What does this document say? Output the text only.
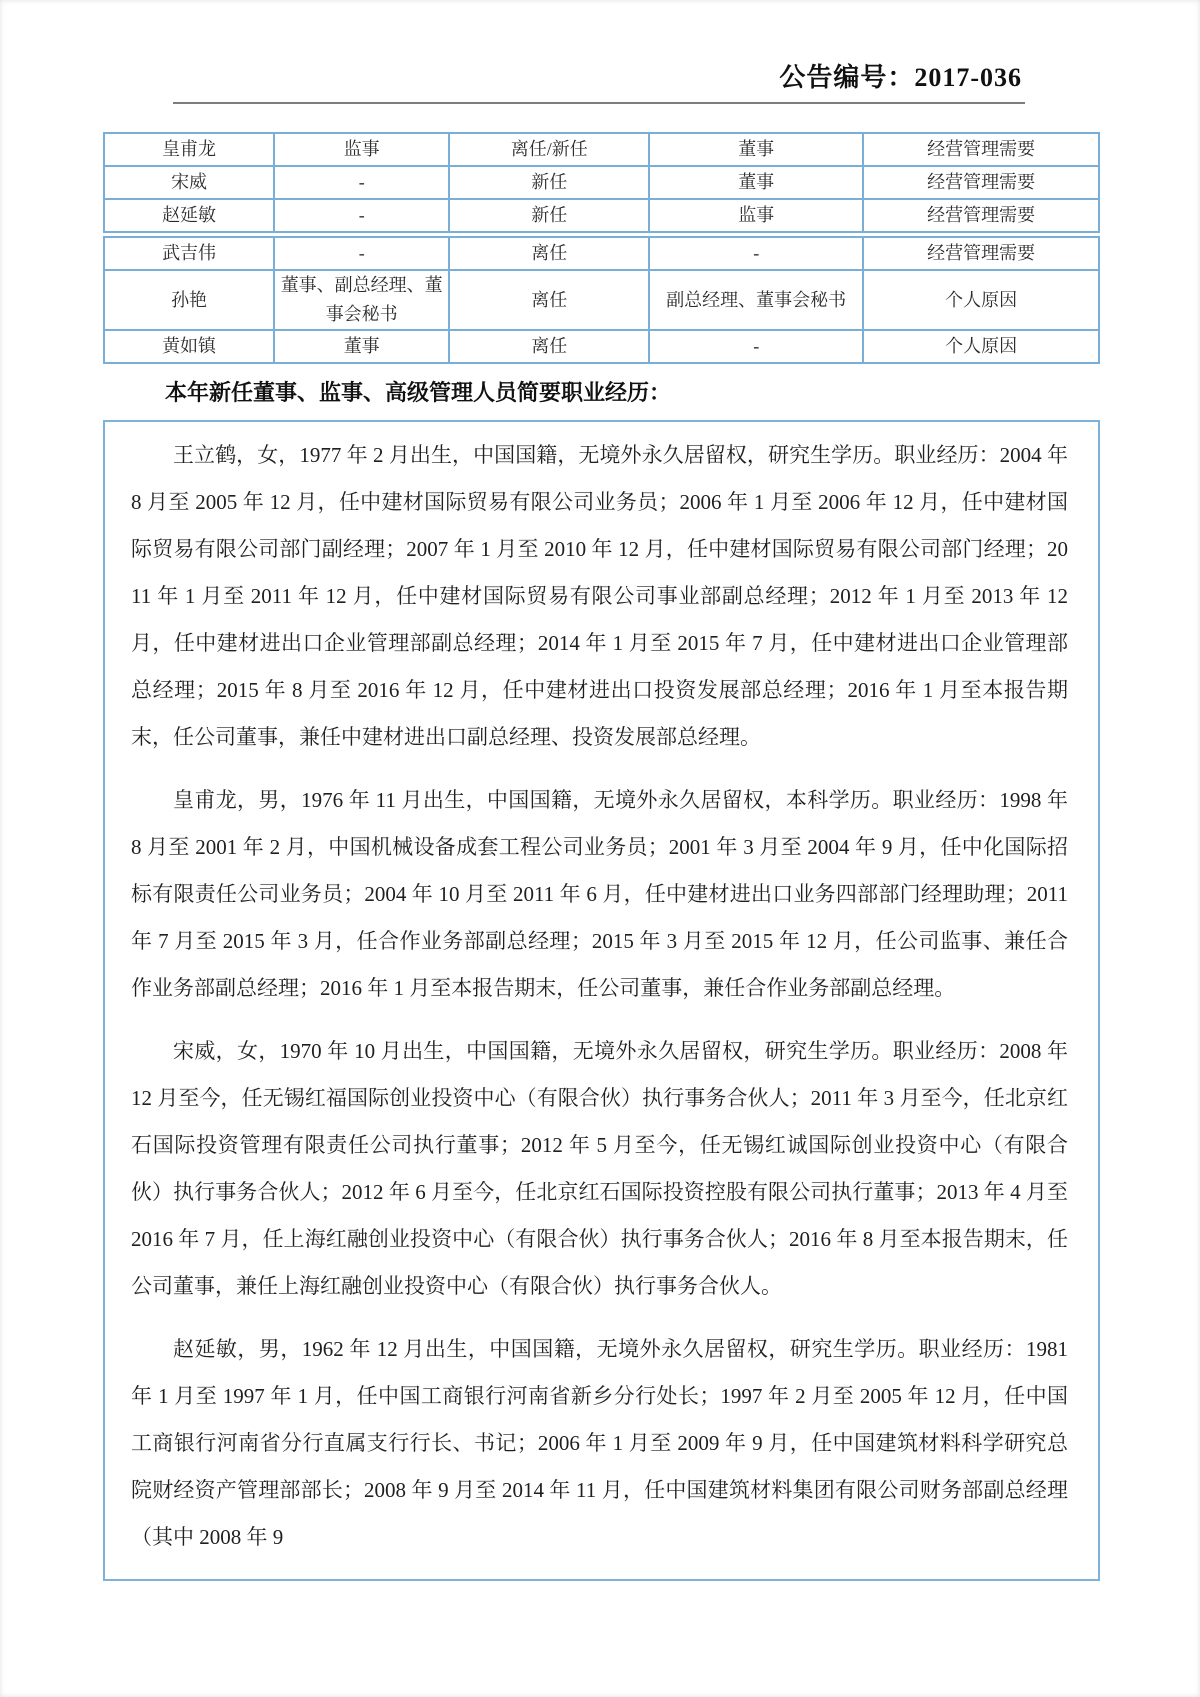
公告编号：2017-036
皇甫龙	监事	离任/新任	董事	经营管理需要
宋威	-	新任	董事	经营管理需要
赵延敏	-	新任	监事	经营管理需要
武吉伟	-	离任	-	经营管理需要
孙艳	董事、副总经理、董事会秘书	离任	副总经理、董事会秘书	个人原因
黄如镇	董事	离任	-	个人原因
本年新任董事、监事、高级管理人员简要职业经历：

王立鹤，女，1977 年 2 月出生，中国国籍，无境外永久居留权，研究生学历。职业经历：2004 年 8 月至 2005 年 12 月，任中建材国际贸易有限公司业务员；2006 年 1 月至 2006 年 12 月，任中建材国际贸易有限公司部门副经理；2007 年 1 月至 2010 年 12 月，任中建材国际贸易有限公司部门经理；2011 年 1 月至 2011 年 12 月，任中建材国际贸易有限公司事业部副总经理；2012 年 1 月至 2013 年 12 月，任中建材进出口企业管理部副总经理；2014 年 1 月至 2015 年 7 月，任中建材进出口企业管理部总经理；2015 年 8 月至 2016 年 12 月，任中建材进出口投资发展部总经理；2016 年 1 月至本报告期末，任公司董事，兼任中建材进出口副总经理、投资发展部总经理。

皇甫龙，男，1976 年 11 月出生，中国国籍，无境外永久居留权，本科学历。职业经历：1998 年 8 月至 2001 年 2 月，中国机械设备成套工程公司业务员；2001 年 3 月至 2004 年 9 月，任中化国际招标有限责任公司业务员；2004 年 10 月至 2011 年 6 月，任中建材进出口业务四部部门经理助理；2011 年 7 月至 2015 年 3 月，任合作业务部副总经理；2015 年 3 月至 2015 年 12 月，任公司监事、兼任合作业务部副总经理；2016 年 1 月至本报告期末，任公司董事，兼任合作业务部副总经理。

宋威，女，1970 年 10 月出生，中国国籍，无境外永久居留权，研究生学历。职业经历：2008 年 12 月至今，任无锡红福国际创业投资中心（有限合伙）执行事务合伙人；2011 年 3 月至今，任北京红石国际投资管理有限责任公司执行董事；2012 年 5 月至今，任无锡红诚国际创业投资中心（有限合伙）执行事务合伙人；2012 年 6 月至今，任北京红石国际投资控股有限公司执行董事；2013 年 4 月至 2016 年 7 月，任上海红融创业投资中心（有限合伙）执行事务合伙人；2016 年 8 月至本报告期末，任公司董事，兼任上海红融创业投资中心（有限合伙）执行事务合伙人。

赵延敏，男，1962 年 12 月出生，中国国籍，无境外永久居留权，研究生学历。职业经历：1981 年 1 月至 1997 年 1 月，任中国工商银行河南省新乡分行处长；1997 年 2 月至 2005 年 12 月，任中国工商银行河南省分行直属支行行长、书记；2006 年 1 月至 2009 年 9 月，任中国建筑材料科学研究总院财经资产管理部部长；2008 年 9 月至 2014 年 11 月，任中国建筑材料集团有限公司财务部副总经理（其中 2008 年 9
